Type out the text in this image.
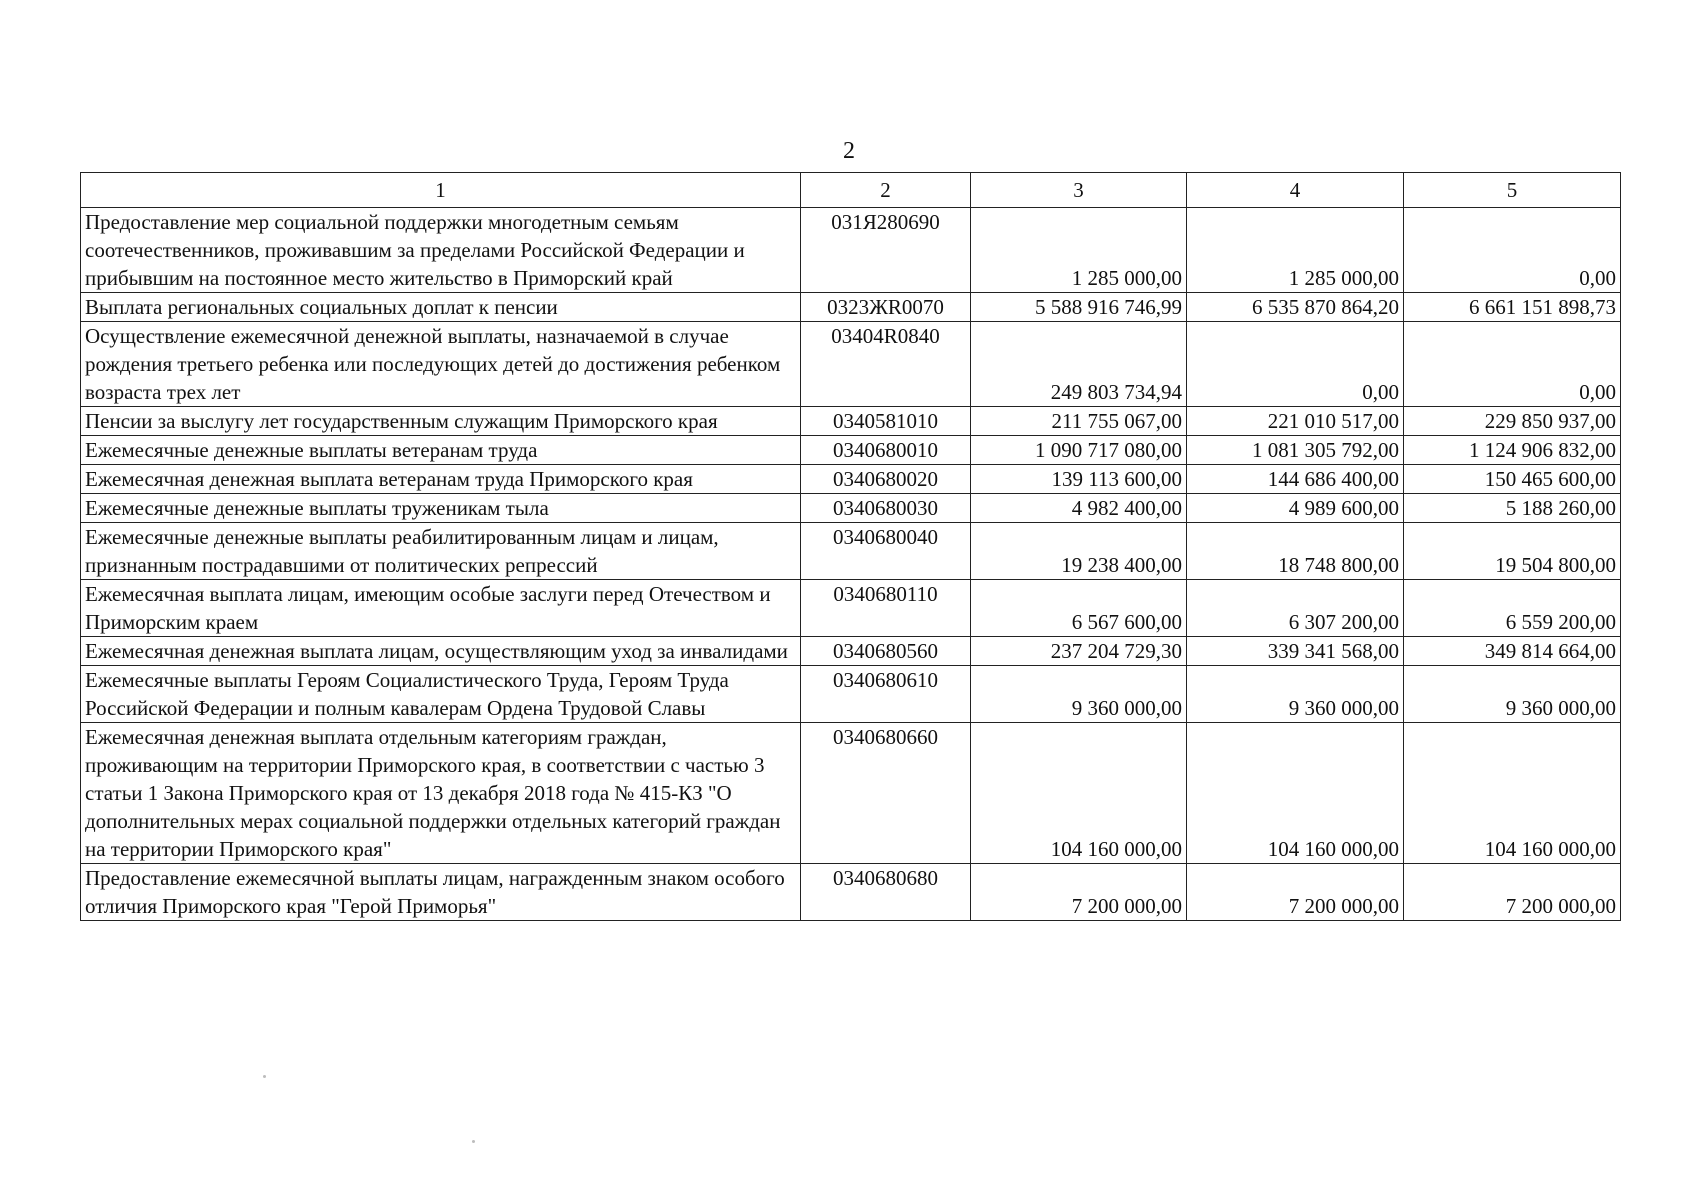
2
1	2	3	4	5
Предоставление мер социальной поддержки многодетным семьям соотечественников, проживавшим за пределами Российской Федерации и прибывшим на постоянное место жительство в Приморский край	031Я280690	1 285 000,00	1 285 000,00	0,00
Выплата региональных социальных доплат к пенсии	0323ЖR0070	5 588 916 746,99	6 535 870 864,20	6 661 151 898,73
Осуществление ежемесячной денежной выплаты, назначаемой в случае рождения третьего ребенка или последующих детей до достижения ребенком возраста трех лет	03404R0840	249 803 734,94	0,00	0,00
Пенсии за выслугу лет государственным служащим Приморского края	0340581010	211 755 067,00	221 010 517,00	229 850 937,00
Ежемесячные денежные выплаты ветеранам труда	0340680010	1 090 717 080,00	1 081 305 792,00	1 124 906 832,00
Ежемесячная денежная выплата ветеранам труда Приморского края	0340680020	139 113 600,00	144 686 400,00	150 465 600,00
Ежемесячные денежные выплаты труженикам тыла	0340680030	4 982 400,00	4 989 600,00	5 188 260,00
Ежемесячные денежные выплаты реабилитированным лицам и лицам, признанным пострадавшими от политических репрессий	0340680040	19 238 400,00	18 748 800,00	19 504 800,00
Ежемесячная выплата лицам, имеющим особые заслуги перед Отечеством и Приморским краем	0340680110	6 567 600,00	6 307 200,00	6 559 200,00
Ежемесячная денежная выплата лицам, осуществляющим уход за инвалидами	0340680560	237 204 729,30	339 341 568,00	349 814 664,00
Ежемесячные выплаты Героям Социалистического Труда, Героям Труда Российской Федерации и полным кавалерам Ордена Трудовой Славы	0340680610	9 360 000,00	9 360 000,00	9 360 000,00
Ежемесячная денежная выплата отдельным категориям граждан, проживающим на территории Приморского края, в соответствии с частью 3 статьи 1 Закона Приморского края от 13 декабря 2018 года № 415-КЗ "О дополнительных мерах социальной поддержки отдельных категорий граждан на территории Приморского края"	0340680660	104 160 000,00	104 160 000,00	104 160 000,00
Предоставление ежемесячной выплаты лицам, награжденным знаком особого отличия Приморского края "Герой Приморья"	0340680680	7 200 000,00	7 200 000,00	7 200 000,00
